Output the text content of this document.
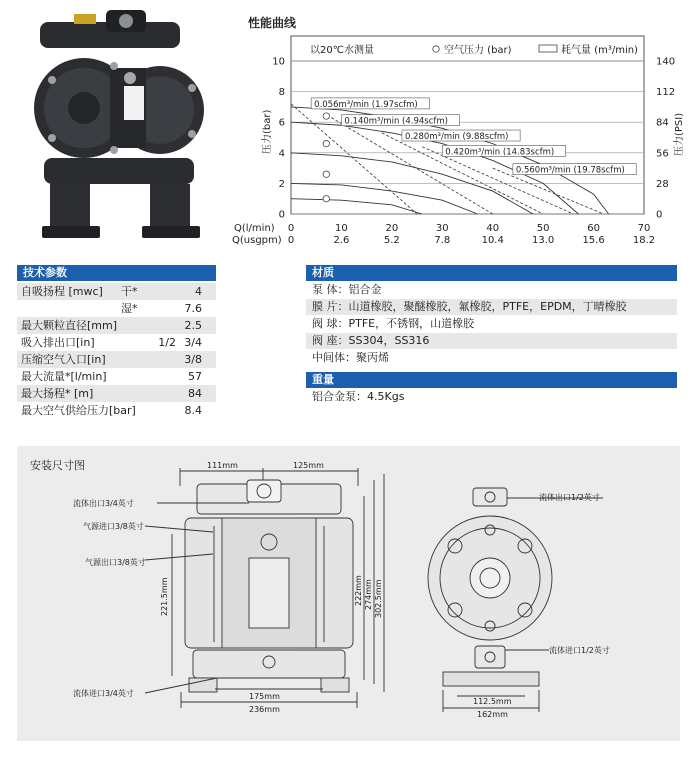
性能曲线
以20℃水测量	空气压力 (bar)	耗气量 (m³/min)
压力(bar)	压力(PSI)
Q(l/min)
Q(usgpm)
0	0
2	28
4	56
6	84
8	112
10	140
0
0
10
2.6
20
5.2
30
7.8
40
10.4
50
13.0
60
15.6
70
18.2
0.056m³/min (1.97scfm)
0.140m³/min (4.94scfm)
0.280m³/min (9.88scfm)
0.420m³/min (14.83scfm)
0.560m³/min (19.78scfm)
技术参数
自吸扬程 [mwc] 干*	4
湿*	7.6
最大颗粒直径[mm]	2.5
吸入排出口[in]	1/2 3/4
压缩空气入口[in]	3/8
最大流量*[l/min]	57
最大扬程* [m]	84
最大空气供给压力[bar]	8.4
材质
泵 体：铝合金
膜 片：山道橡胶，聚醚橡胶，氟橡胶，PTFE，EPDM，丁晴橡胶
阀 球：PTFE，不锈钢，山道橡胶
阀 座：SS304，SS316
中间体：聚丙烯
重量
铝合金泵：4.5Kgs
安装尺寸图	111mm	125mm
175mm
236mm
221.5mm	222mm 274mm 302.5mm
流体出口3/4英寸
气源进口3/8英寸
气源出口3/8英寸
流体进口3/4英寸
112.5mm
162mm
流体出口1/2英寸
流体进口1/2英寸
